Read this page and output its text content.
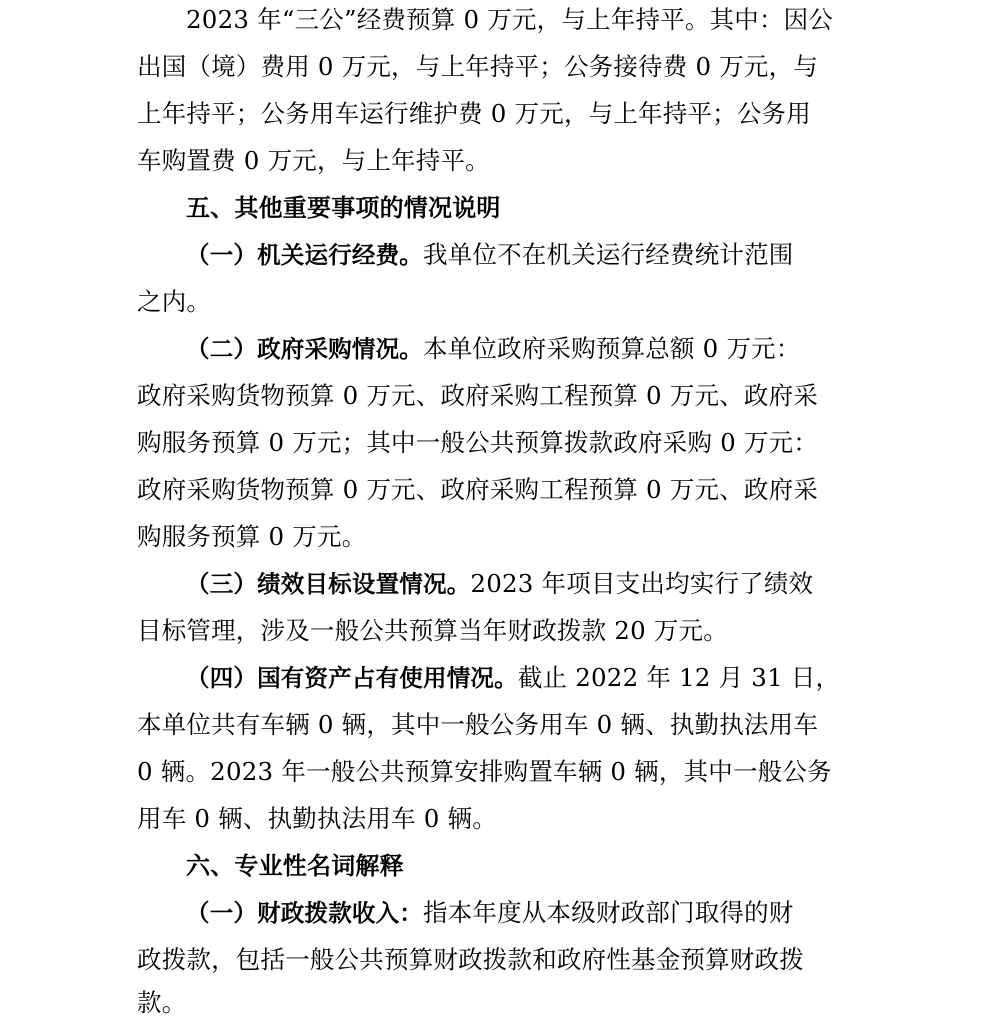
2023 年“三公”经费预算 0 万元，与上年持平。其中：因公
出国（境）费用 0 万元，与上年持平；公务接待费 0 万元，与
上年持平；公务用车运行维护费 0 万元，与上年持平；公务用
车购置费 0 万元，与上年持平。
五、其他重要事项的情况说明
（一）机关运行经费。我单位不在机关运行经费统计范围
之内。
（二）政府采购情况。本单位政府采购预算总额 0 万元：
政府采购货物预算 0 万元、政府采购工程预算 0 万元、政府采
购服务预算 0 万元；其中一般公共预算拨款政府采购 0 万元：
政府采购货物预算 0 万元、政府采购工程预算 0 万元、政府采
购服务预算 0 万元。
（三）绩效目标设置情况。2023 年项目支出均实行了绩效
目标管理，涉及一般公共预算当年财政拨款 20 万元。
（四）国有资产占有使用情况。截止 2022 年 12 月 31 日，
本单位共有车辆 0 辆，其中一般公务用车 0 辆、执勤执法用车
0 辆。2023 年一般公共预算安排购置车辆 0 辆，其中一般公务
用车 0 辆、执勤执法用车 0 辆。
六、专业性名词解释
（一）财政拨款收入：指本年度从本级财政部门取得的财
政拨款，包括一般公共预算财政拨款和政府性基金预算财政拨
款。
